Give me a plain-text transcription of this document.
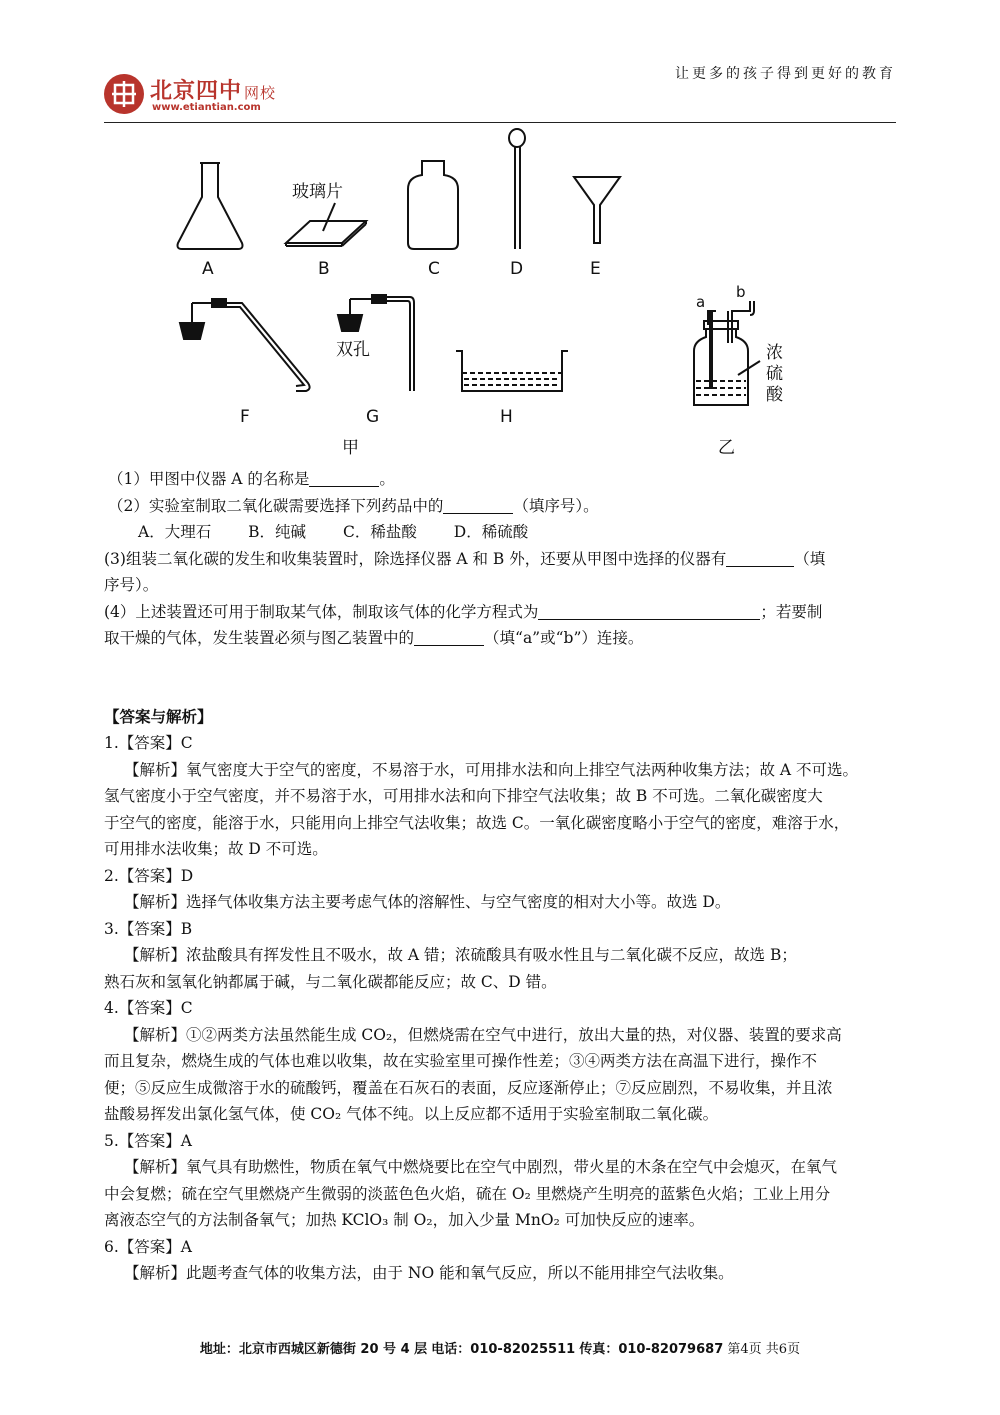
北京四中 网校
www.etiantian.com
让更多的孩子得到更好的教育
玻璃片
双孔	浓
硫
酸
A	B	C	D	E
F	G	H
a
b
甲	乙
（1）甲图中仪器 A 的名称是	。
（2）实验室制取二氧化碳需要选择下列药品中的	（填序号）。
A．大理石 B．纯碱 C．稀盐酸 D．稀硫酸
(3)组装二氧化碳的发生和收集装置时，除选择仪器 A 和 B 外，还要从甲图中选择的仪器有	（填
序号）。
(4）上述装置还可用于制取某气体，制取该气体的化学方程式为	；若要制
取干燥的气体，发生装置必须与图乙装置中的	（填“a”或“b”）连接。
【答案与解析】
1.【答案】C
【解析】氧气密度大于空气的密度，不易溶于水，可用排水法和向上排空气法两种收集方法；故 A 不可选。
氢气密度小于空气密度，并不易溶于水，可用排水法和向下排空气法收集；故 B 不可选。二氧化碳密度大
于空气的密度，能溶于水，只能用向上排空气法收集；故选 C。一氧化碳密度略小于空气的密度，难溶于水，
可用排水法收集；故 D 不可选。
2.【答案】D
【解析】选择气体收集方法主要考虑气体的溶解性、与空气密度的相对大小等。故选 D。
3.【答案】B
【解析】浓盐酸具有挥发性且不吸水，故 A 错；浓硫酸具有吸水性且与二氧化碳不反应，故选 B；
熟石灰和氢氧化钠都属于碱，与二氧化碳都能反应；故 C、D 错。
4.【答案】C
【解析】①②两类方法虽然能生成 CO₂，但燃烧需在空气中进行，放出大量的热，对仪器、装置的要求高
而且复杂，燃烧生成的气体也难以收集，故在实验室里可操作性差；③④两类方法在高温下进行，操作不
便；⑤反应生成微溶于水的硫酸钙，覆盖在石灰石的表面，反应逐渐停止；⑦反应剧烈，不易收集，并且浓
盐酸易挥发出氯化氢气体，使 CO₂ 气体不纯。以上反应都不适用于实验室制取二氧化碳。
5.【答案】A
【解析】氧气具有助燃性，物质在氧气中燃烧要比在空气中剧烈，带火星的木条在空气中会熄灭，在氧气
中会复燃；硫在空气里燃烧产生微弱的淡蓝色色火焰，硫在 O₂ 里燃烧产生明亮的蓝紫色火焰；工业上用分
离液态空气的方法制备氧气；加热 KClO₃ 制 O₂，加入少量 MnO₂ 可加快反应的速率。
6.【答案】A
【解析】此题考查气体的收集方法，由于 NO 能和氧气反应，所以不能用排空气法收集。
地址：北京市西城区新德街 20 号 4 层 电话：010-82025511 传真：010-82079687 第4页 共6页
